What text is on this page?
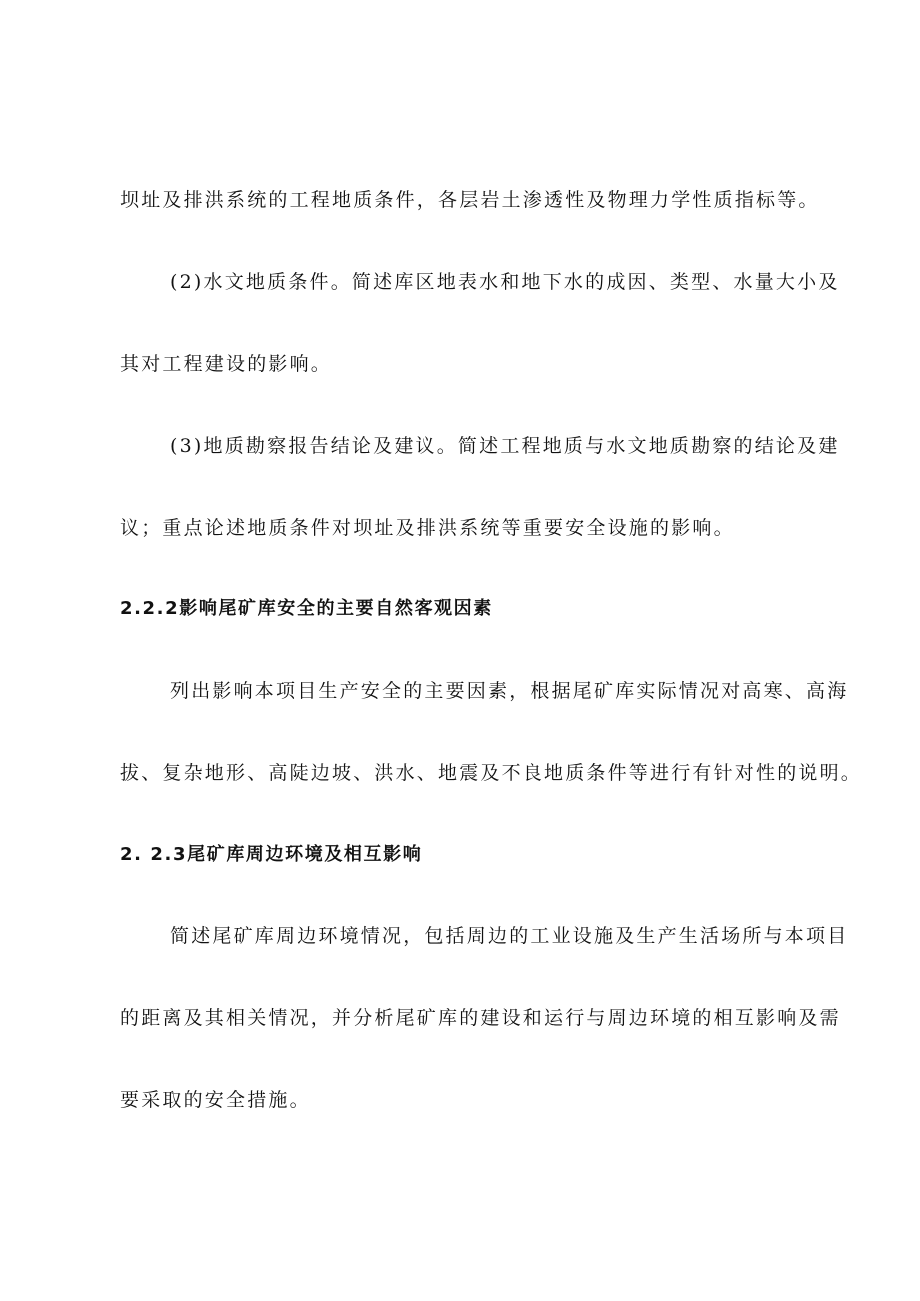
坝址及排洪系统的工程地质条件，各层岩土渗透性及物理力学性质指标等。

(2)水文地质条件。简述库区地表水和地下水的成因、类型、水量大小及

其对工程建设的影响。

(3)地质勘察报告结论及建议。简述工程地质与水文地质勘察的结论及建

议；重点论述地质条件对坝址及排洪系统等重要安全设施的影响。

2.2.2影响尾矿库安全的主要自然客观因素

列出影响本项目生产安全的主要因素，根据尾矿库实际情况对高寒、高海

拔、复杂地形、高陡边坡、洪水、地震及不良地质条件等进行有针对性的说明。

2. 2.3尾矿库周边环境及相互影响

简述尾矿库周边环境情况，包括周边的工业设施及生产生活场所与本项目

的距离及其相关情况，并分析尾矿库的建设和运行与周边环境的相互影响及需

要采取的安全措施。
